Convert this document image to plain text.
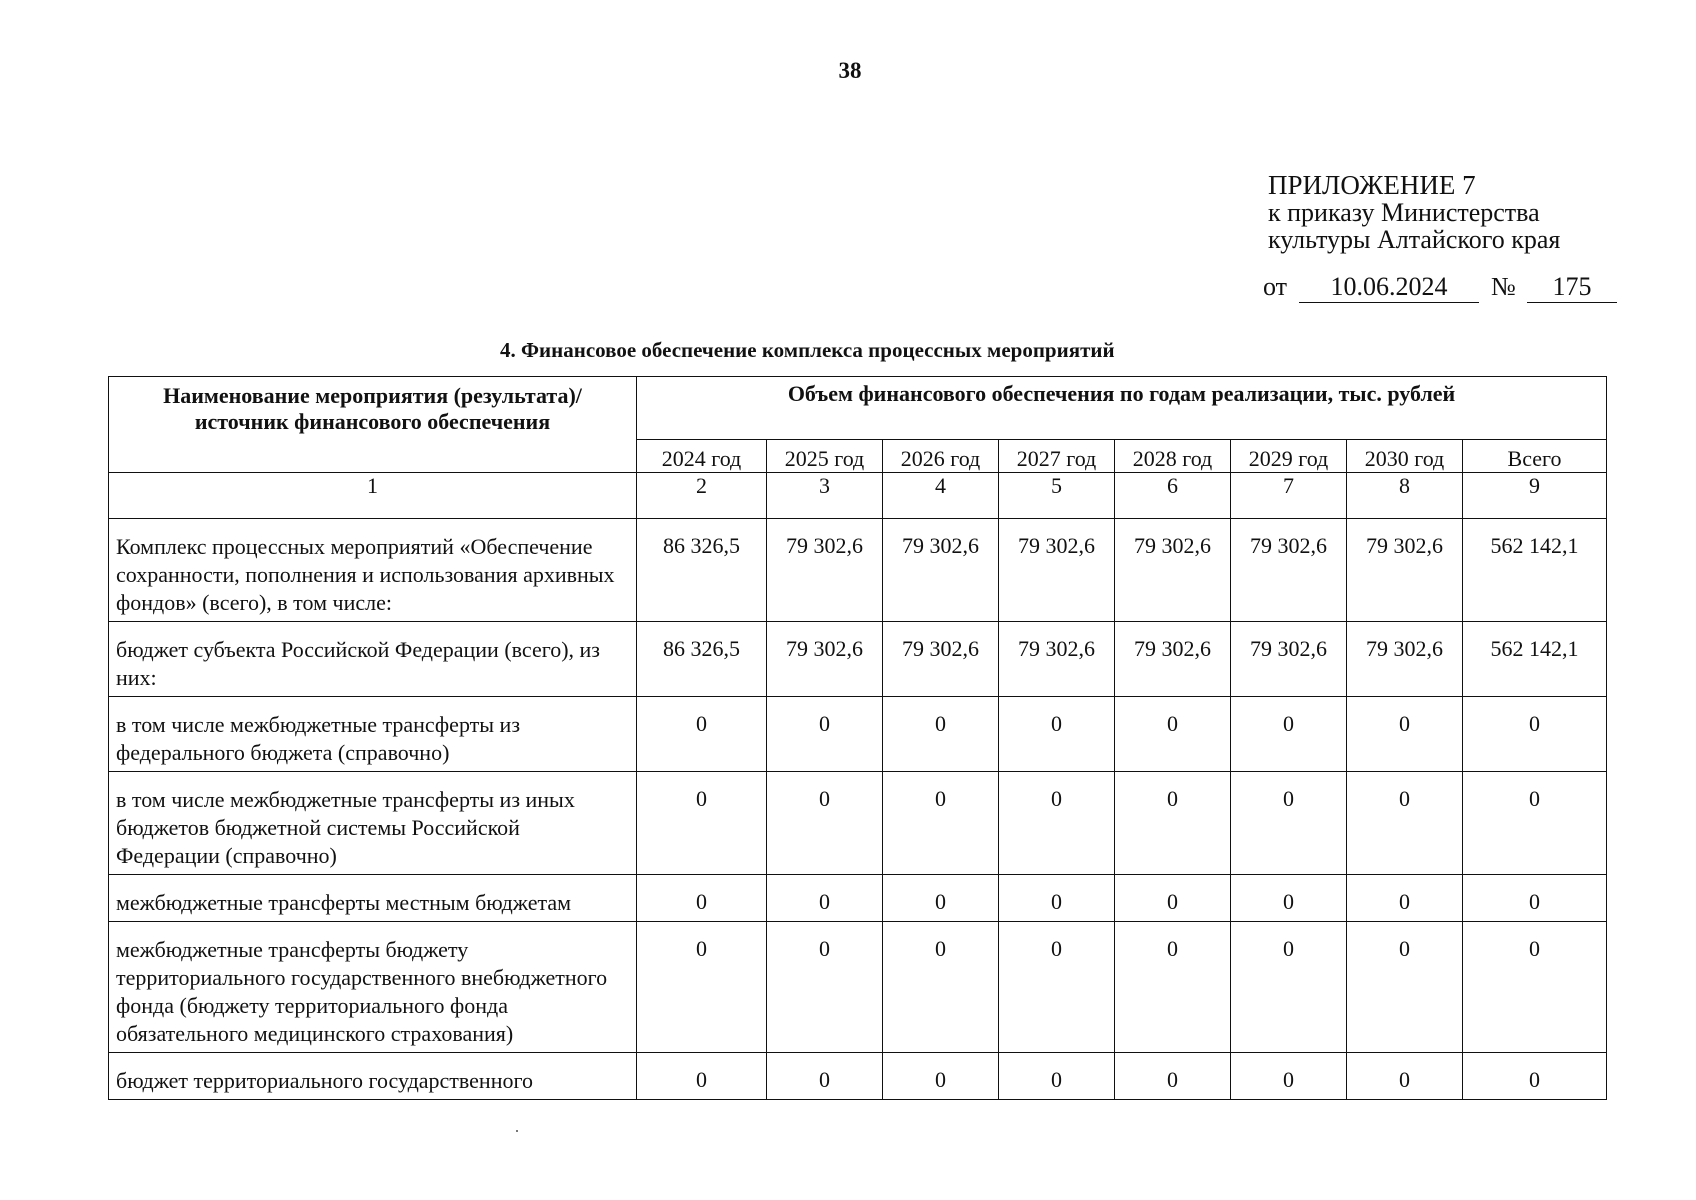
38
ПРИЛОЖЕНИЕ 7
к приказу Министерства
культуры Алтайского края
от	10.06.2024	№	175
4. Финансовое обеспечение комплекса процессных мероприятий
Наименование мероприятия (результата)/ источник финансового обеспечения	Объем финансового обеспечения по годам реализации, тыс. рублей							
	2024 год	2025 год	2026 год	2027 год	2028 год	2029 год	2030 год	Всего
1	2	3	4	5	6	7	8	9
Комплекс процессных мероприятий «Обеспечение сохранности, пополнения и использования архивных фондов» (всего), в том числе:	86 326,5	79 302,6	79 302,6	79 302,6	79 302,6	79 302,6	79 302,6	562 142,1
бюджет субъекта Российской Федерации (всего), из них:	86 326,5	79 302,6	79 302,6	79 302,6	79 302,6	79 302,6	79 302,6	562 142,1
в том числе межбюджетные трансферты из федерального бюджета (справочно)	0	0	0	0	0	0	0	0
в том числе межбюджетные трансферты из иных бюджетов бюджетной системы Российской Федерации (справочно)	0	0	0	0	0	0	0	0
межбюджетные трансферты местным бюджетам	0	0	0	0	0	0	0	0
межбюджетные трансферты бюджету территориального государственного внебюджетного фонда (бюджету территориального фонда обязательного медицинского страхования)	0	0	0	0	0	0	0	0
бюджет территориального государственного	0	0	0	0	0	0	0	0
